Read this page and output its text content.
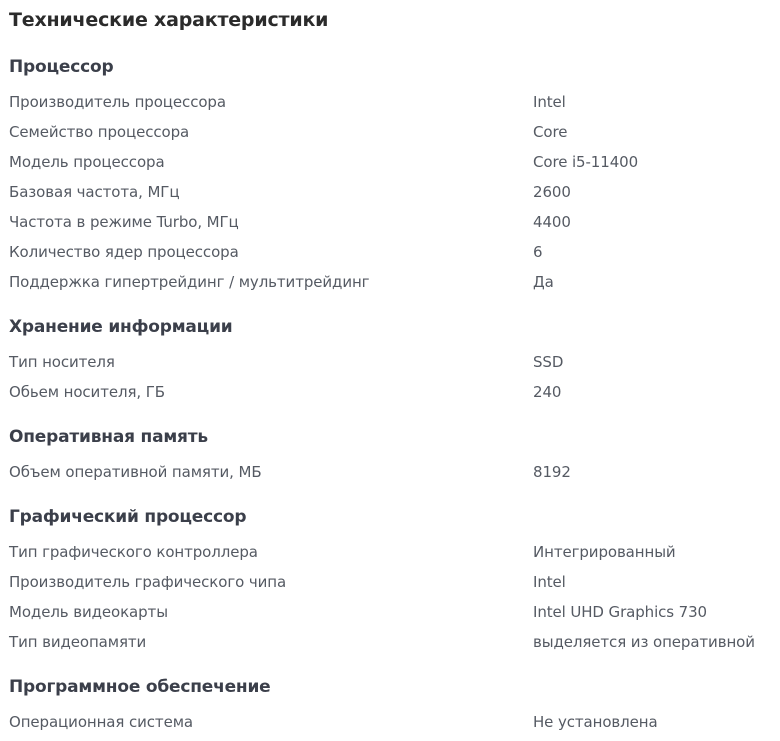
Технические характеристики
Процессор
Производитель процессора	Intel
Семейство процессора	Core
Модель процессора	Core i5-11400
Базовая частота, МГц	2600
Частота в режиме Turbo, МГц	4400
Количество ядер процессора	6
Поддержка гипертрейдинг / мультитрейдинг	Да
Хранение информации
Тип носителя	SSD
Обьем носителя, ГБ	240
Оперативная память
Объем оперативной памяти, МБ	8192
Графический процессор
Тип графического контроллера	Интегрированный
Производитель графического чипа	Intel
Модель видеокарты	Intel UHD Graphics 730
Тип видеопамяти	выделяется из оперативной
Программное обеспечение
Операционная система	Не установлена
